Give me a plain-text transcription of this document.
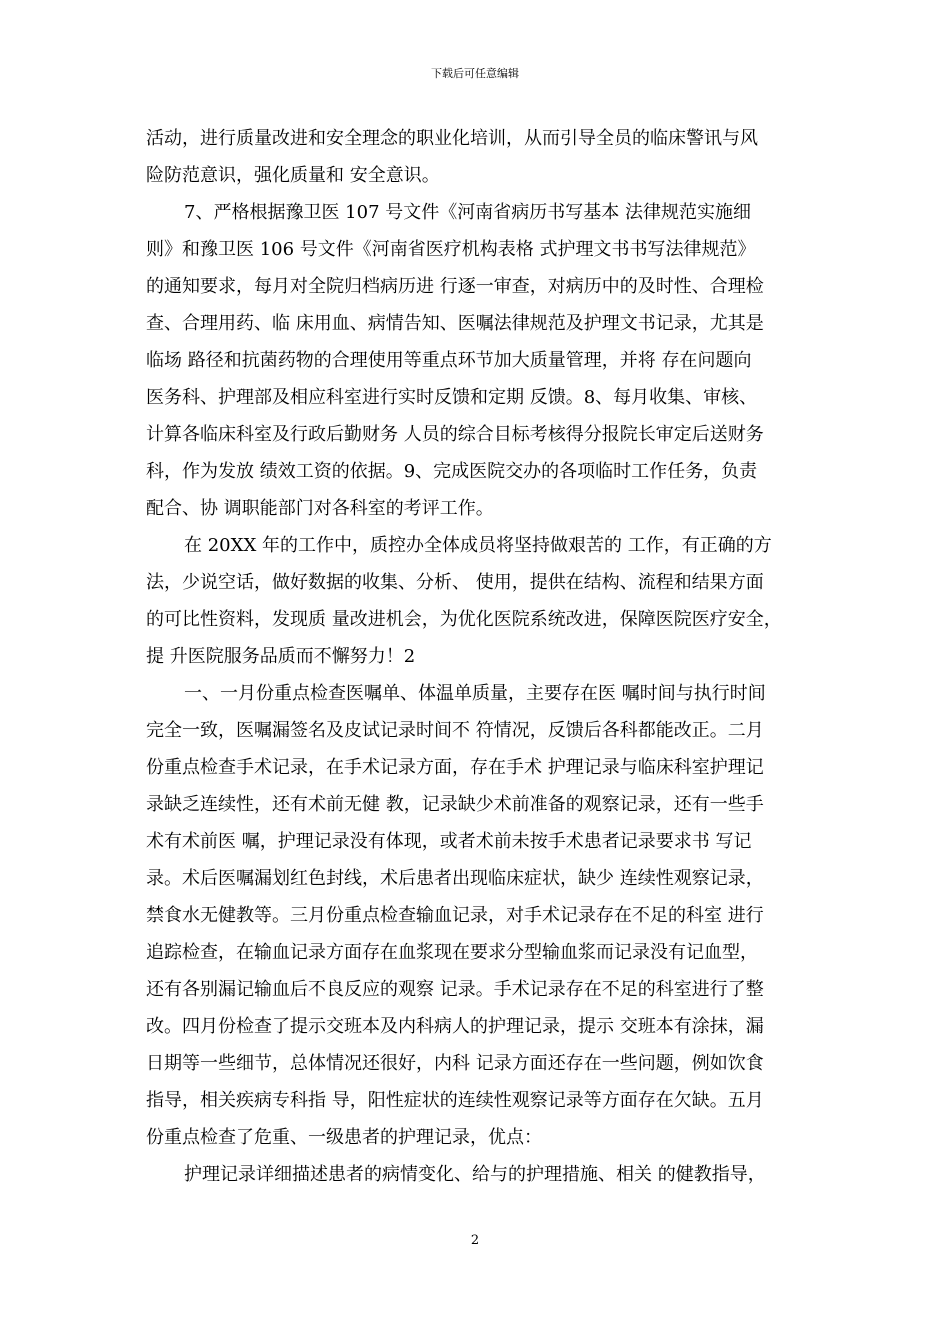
下载后可任意编辑
活动，进行质量改进和安全理念的职业化培训，从而引导全员的临床警讯与风
险防范意识，强化质量和 安全意识。
7、严格根据豫卫医 107 号文件《河南省病历书写基本 法律规范实施细
则》和豫卫医 106 号文件《河南省医疗机构表格 式护理文书书写法律规范》
的通知要求，每月对全院归档病历进 行逐一审查，对病历中的及时性、合理检
查、合理用药、临 床用血、病情告知、医嘱法律规范及护理文书记录，尤其是
临场 路径和抗菌药物的合理使用等重点环节加大质量管理，并将 存在问题向
医务科、护理部及相应科室进行实时反馈和定期 反馈。8、每月收集、审核、
计算各临床科室及行政后勤财务 人员的综合目标考核得分报院长审定后送财务
科，作为发放 绩效工资的依据。9、完成医院交办的各项临时工作任务，负责
配合、协 调职能部门对各科室的考评工作。
在 20XX 年的工作中，质控办全体成员将坚持做艰苦的 工作，有正确的方
法，少说空话，做好数据的收集、分析、 使用，提供在结构、流程和结果方面
的可比性资料，发现质 量改进机会，为优化医院系统改进，保障医院医疗安全，
提 升医院服务品质而不懈努力！2
一、一月份重点检查医嘱单、体温单质量，主要存在医 嘱时间与执行时间
完全一致，医嘱漏签名及皮试记录时间不 符情况，反馈后各科都能改正。二月
份重点检查手术记录，在手术记录方面，存在手术 护理记录与临床科室护理记
录缺乏连续性，还有术前无健 教，记录缺少术前准备的观察记录，还有一些手
术有术前医 嘱，护理记录没有体现，或者术前未按手术患者记录要求书 写记
录。术后医嘱漏划红色封线，术后患者出现临床症状，缺少 连续性观察记录，
禁食水无健教等。三月份重点检查输血记录，对手术记录存在不足的科室 进行
追踪检查，在输血记录方面存在血浆现在要求分型输血浆而记录没有记血型，
还有各别漏记输血后不良反应的观察 记录。手术记录存在不足的科室进行了整
改。四月份检查了提示交班本及内科病人的护理记录，提示 交班本有涂抹，漏
日期等一些细节，总体情况还很好，内科 记录方面还存在一些问题，例如饮食
指导，相关疾病专科指 导，阳性症状的连续性观察记录等方面存在欠缺。五月
份重点检查了危重、一级患者的护理记录，优点：
护理记录详细描述患者的病情变化、给与的护理措施、相关 的健教指导，
2
